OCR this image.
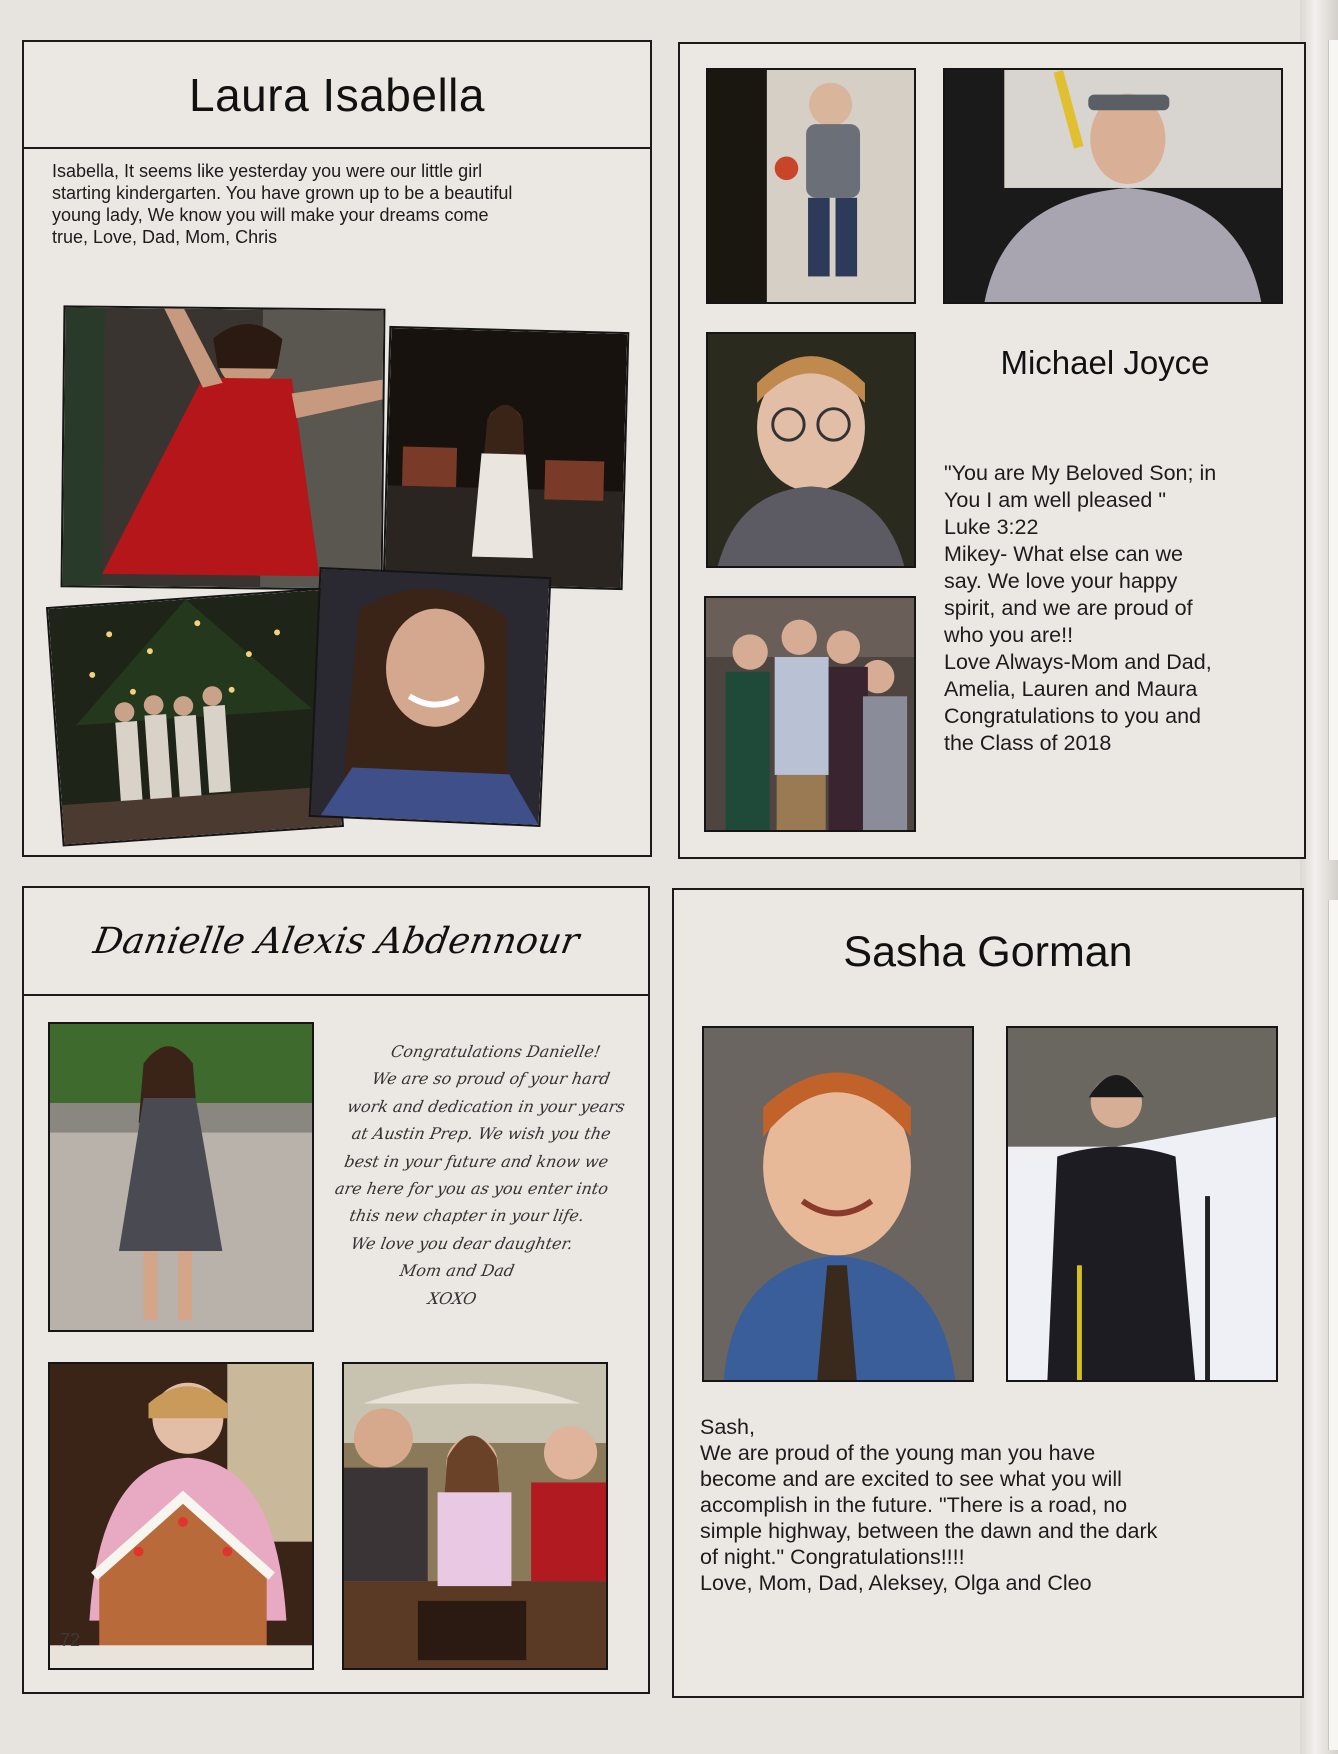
Laura Isabella
Isabella, It seems like yesterday you were our little girl
starting kindergarten. You have grown up to be a beautiful
young lady, We know you will make your dreams come
true, Love, Dad, Mom, Chris
Michael Joyce
"You are My Beloved Son; in
You I am well pleased "
Luke 3:22
Mikey- What else can we
say. We love your happy
spirit, and we are proud of
who you are!!
Love Always-Mom and Dad,
Amelia, Lauren and Maura
Congratulations to you and
the Class of 2018
Danielle Alexis Abdennour
Congratulations Danielle!
We are so proud of your hard
work and dedication in your years
at Austin Prep. We wish you the
best in your future and know we
are here for you as you enter into
this new chapter in your life.
We love you dear daughter.
Mom and Dad
XOXO
72
Sasha Gorman
Sash,
We are proud of the young man you have
become and are excited to see what you will
accomplish in the future. "There is a road, no
simple highway, between the dawn and the dark
of night." Congratulations!!!!
Love, Mom, Dad, Aleksey, Olga and Cleo
